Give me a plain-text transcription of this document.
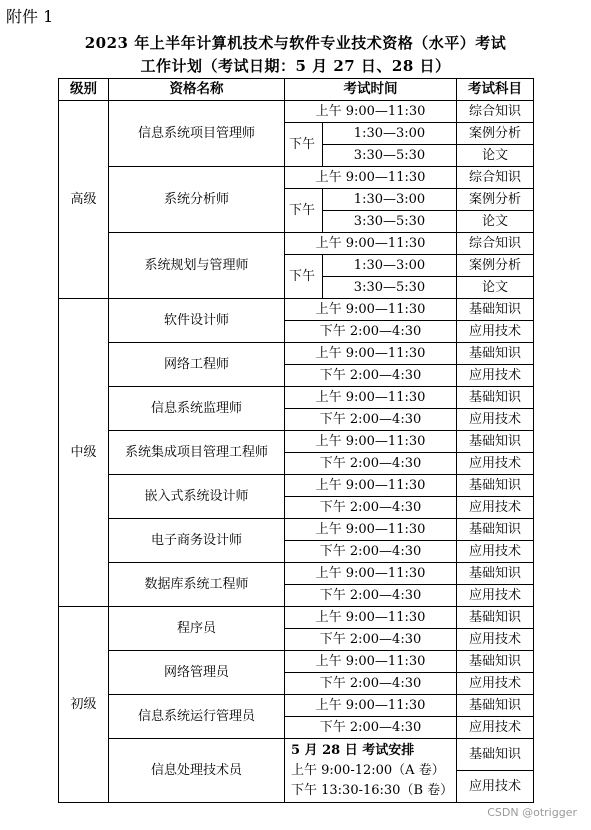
附件 1
2023 年上半年计算机技术与软件专业技术资格（水平）考试
工作计划（考试日期：5 月 27 日、28 日）
级别	资格名称	考试时间		考试科目
高级	信息系统项目管理师	上午 9:00—11:30		综合知识
		下午	1:30—3:00	案例分析
			3:30—5:30	论文
	系统分析师	上午 9:00—11:30		综合知识
		下午	1:30—3:00	案例分析
			3:30—5:30	论文
	系统规划与管理师	上午 9:00—11:30		综合知识
		下午	1:30—3:00	案例分析
			3:30—5:30	论文
中级	软件设计师	上午 9:00—11:30		基础知识
		下午 2:00—4:30		应用技术
	网络工程师	上午 9:00—11:30		基础知识
		下午 2:00—4:30		应用技术
	信息系统监理师	上午 9:00—11:30		基础知识
		下午 2:00—4:30		应用技术
	系统集成项目管理工程师	上午 9:00—11:30		基础知识
		下午 2:00—4:30		应用技术
	嵌入式系统设计师	上午 9:00—11:30		基础知识
		下午 2:00—4:30		应用技术
	电子商务设计师	上午 9:00—11:30		基础知识
		下午 2:00—4:30		应用技术
	数据库系统工程师	上午 9:00—11:30		基础知识
		下午 2:00—4:30		应用技术
初级	程序员	上午 9:00—11:30		基础知识
		下午 2:00—4:30		应用技术
	网络管理员	上午 9:00—11:30		基础知识
		下午 2:00—4:30		应用技术
	信息系统运行管理员	上午 9:00—11:30		基础知识
		下午 2:00—4:30		应用技术
	信息处理技术员	5 月 28 日 考试安排
上午 9:00-12:00（A 卷）
下午 13:30-16:30（B 卷）		基础知识
				应用技术
CSDN @otrigger
